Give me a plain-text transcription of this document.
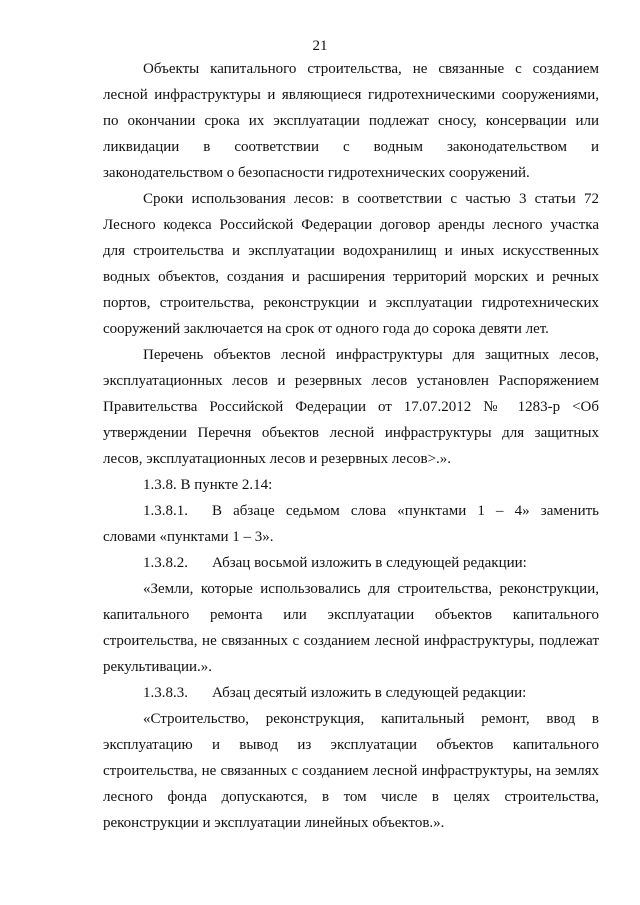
21
Объекты капитального строительства, не связанные с созданием
лесной инфраструктуры и являющиеся гидротехническими сооружениями,
по окончании срока их эксплуатации подлежат сносу, консервации или
ликвидации в соответствии с водным законодательством и
законодательством о безопасности гидротехнических сооружений.
Сроки использования лесов: в соответствии с частью 3 статьи 72
Лесного кодекса Российской Федерации договор аренды лесного участка
для строительства и эксплуатации водохранилищ и иных искусственных
водных объектов, создания и расширения территорий морских и речных
портов, строительства, реконструкции и эксплуатации гидротехнических
сооружений заключается на срок от одного года до сорока девяти лет.
Перечень объектов лесной инфраструктуры для защитных лесов,
эксплуатационных лесов и резервных лесов установлен Распоряжением
Правительства Российской Федерации от 17.07.2012 № 1283-р <Об
утверждении Перечня объектов лесной инфраструктуры для защитных
лесов, эксплуатационных лесов и резервных лесов>.».
1.3.8. В пункте 2.14:
1.3.8.1.	В абзаце седьмом слова «пунктами 1 – 4» заменить
словами «пунктами 1 – 3».
1.3.8.2.	Абзац восьмой изложить в следующей редакции:
«Земли, которые использовались для строительства, реконструкции,
капитального ремонта или эксплуатации объектов капитального
строительства, не связанных с созданием лесной инфраструктуры, подлежат
рекультивации.».
1.3.8.3.	Абзац десятый изложить в следующей редакции:
«Строительство, реконструкция, капитальный ремонт, ввод в
эксплуатацию и вывод из эксплуатации объектов капитального
строительства, не связанных с созданием лесной инфраструктуры, на землях
лесного фонда допускаются, в том числе в целях строительства,
реконструкции и эксплуатации линейных объектов.».
